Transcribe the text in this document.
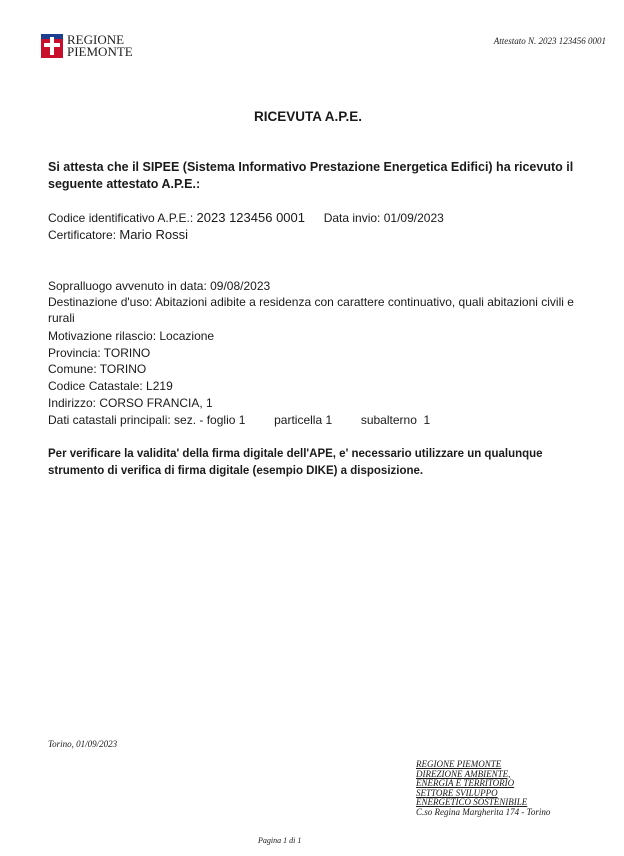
REGIONE
PIEMONTE
Attestato N. 2023 123456 0001
RICEVUTA A.P.E.
Si attesta che il SIPEE (Sistema Informativo Prestazione Energetica Edifici) ha ricevuto il seguente attestato A.P.E.:
Codice identificativo A.P.E.: 2023 123456 0001 Data invio: 01/09/2023
Certificatore: Mario Rossi
Sopralluogo avvenuto in data: 09/08/2023
Destinazione d'uso: Abitazioni adibite a residenza con carattere continuativo, quali abitazioni civili e rurali
Motivazione rilascio: Locazione
Provincia: TORINO
Comune: TORINO
Codice Catastale: L219
Indirizzo: CORSO FRANCIA, 1
Dati catastali principali: sez. - foglio 1 particella 1 subalterno  1
Per verificare la validita' della firma digitale dell'APE, e' necessario utilizzare un qualunque strumento di verifica di firma digitale (esempio DIKE) a disposizione.
Torino, 01/09/2023
REGIONE PIEMONTE
DIREZIONE AMBIENTE,
ENERGIA E TERRITORIO
SETTORE SVILUPPO
ENERGETICO SOSTENIBILE
C.so Regina Margherita 174 - Torino
Pagina 1 di 1
